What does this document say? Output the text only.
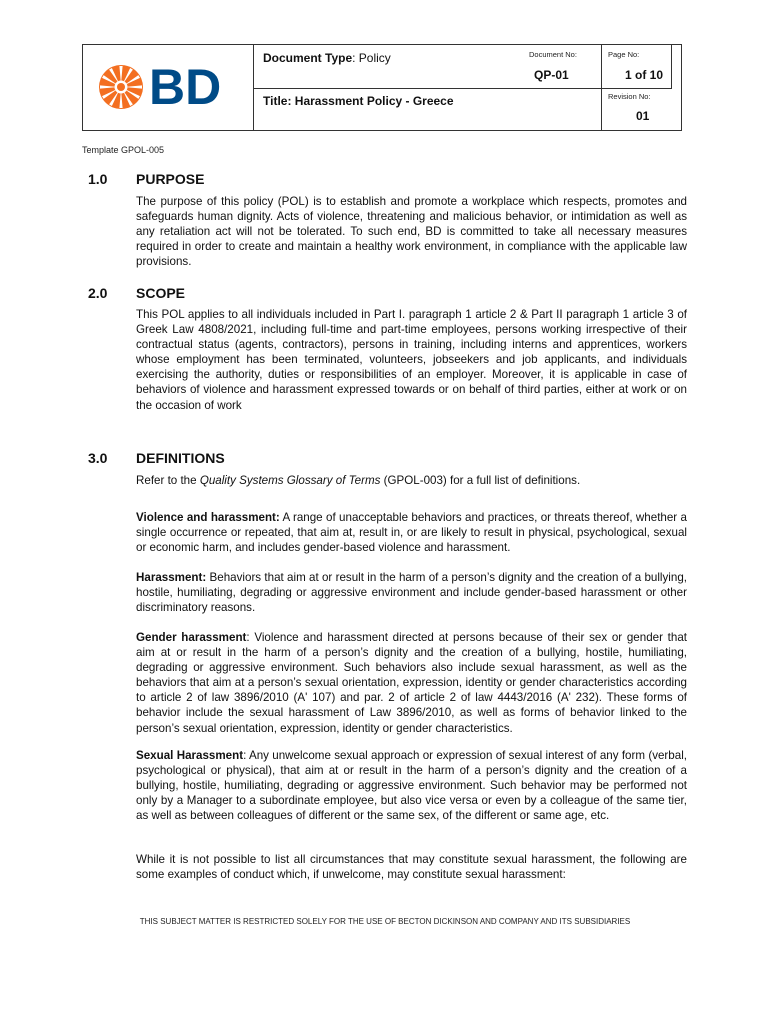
BD
Document Type: Policy
Title: Harassment Policy - Greece
Document No:
QP-01
Page No:
1 of 10
Revision No:
01
Template GPOL-005
1.0 PURPOSE

The purpose of this policy (POL) is to establish and promote a workplace which respects, promotes and safeguards human dignity. Acts of violence, threatening and malicious behavior, or intimidation as well as any retaliation act will not be tolerated. To such end, BD is committed to take all necessary measures required in order to create and maintain a healthy work environment, in compliance with the applicable law provisions.

2.0 SCOPE

This POL applies to all individuals included in Part I. paragraph 1 article 2 & Part II paragraph 1 article 3 of Greek Law 4808/2021, including full-time and part-time employees, persons working irrespective of their contractual status (agents, contractors), persons in training, including interns and apprentices, workers whose employment has been terminated, volunteers, jobseekers and job applicants, and individuals exercising the authority, duties or responsibilities of an employer. Moreover, it is applicable in case of behaviors of violence and harassment expressed towards or on behalf of third parties, either at work or on the occasion of work

3.0 DEFINITIONS

Refer to the Quality Systems Glossary of Terms (GPOL-003) for a full list of definitions.

Violence and harassment: A range of unacceptable behaviors and practices, or threats thereof, whether a single occurrence or repeated, that aim at, result in, or are likely to result in physical, psychological, sexual or economic harm, and includes gender-based violence and harassment.

Harassment: Behaviors that aim at or result in the harm of a person’s dignity and the creation of a bullying, hostile, humiliating, degrading or aggressive environment and include gender-based harassment or other discriminatory reasons.

Gender harassment: Violence and harassment directed at persons because of their sex or gender that aim at or result in the harm of a person’s dignity and the creation of a bullying, hostile, humiliating, degrading or aggressive environment. Such behaviors also include sexual harassment, as well as the behaviors that aim at a person’s sexual orientation, expression, identity or gender characteristics according to article 2 of law 3896/2010 (A' 107) and par. 2 of article 2 of law 4443/2016 (A' 232). These forms of behavior include the sexual harassment of Law 3896/2010, as well as forms of behavior linked to the person’s sexual orientation, expression, identity or gender characteristics.

Sexual Harassment: Any unwelcome sexual approach or expression of sexual interest of any form (verbal, psychological or physical), that aim at or result in the harm of a person’s dignity and the creation of a bullying, hostile, humiliating, degrading or aggressive environment. Such behavior may be performed not only by a Manager to a subordinate employee, but also vice versa or even by a colleague of the same tier, as well as between colleagues of different or the same sex, of the different or same age, etc.

While it is not possible to list all circumstances that may constitute sexual harassment, the following are some examples of conduct which, if unwelcome, may constitute sexual harassment:

THIS SUBJECT MATTER IS RESTRICTED SOLELY FOR THE USE OF BECTON DICKINSON AND COMPANY AND ITS SUBSIDIARIES
